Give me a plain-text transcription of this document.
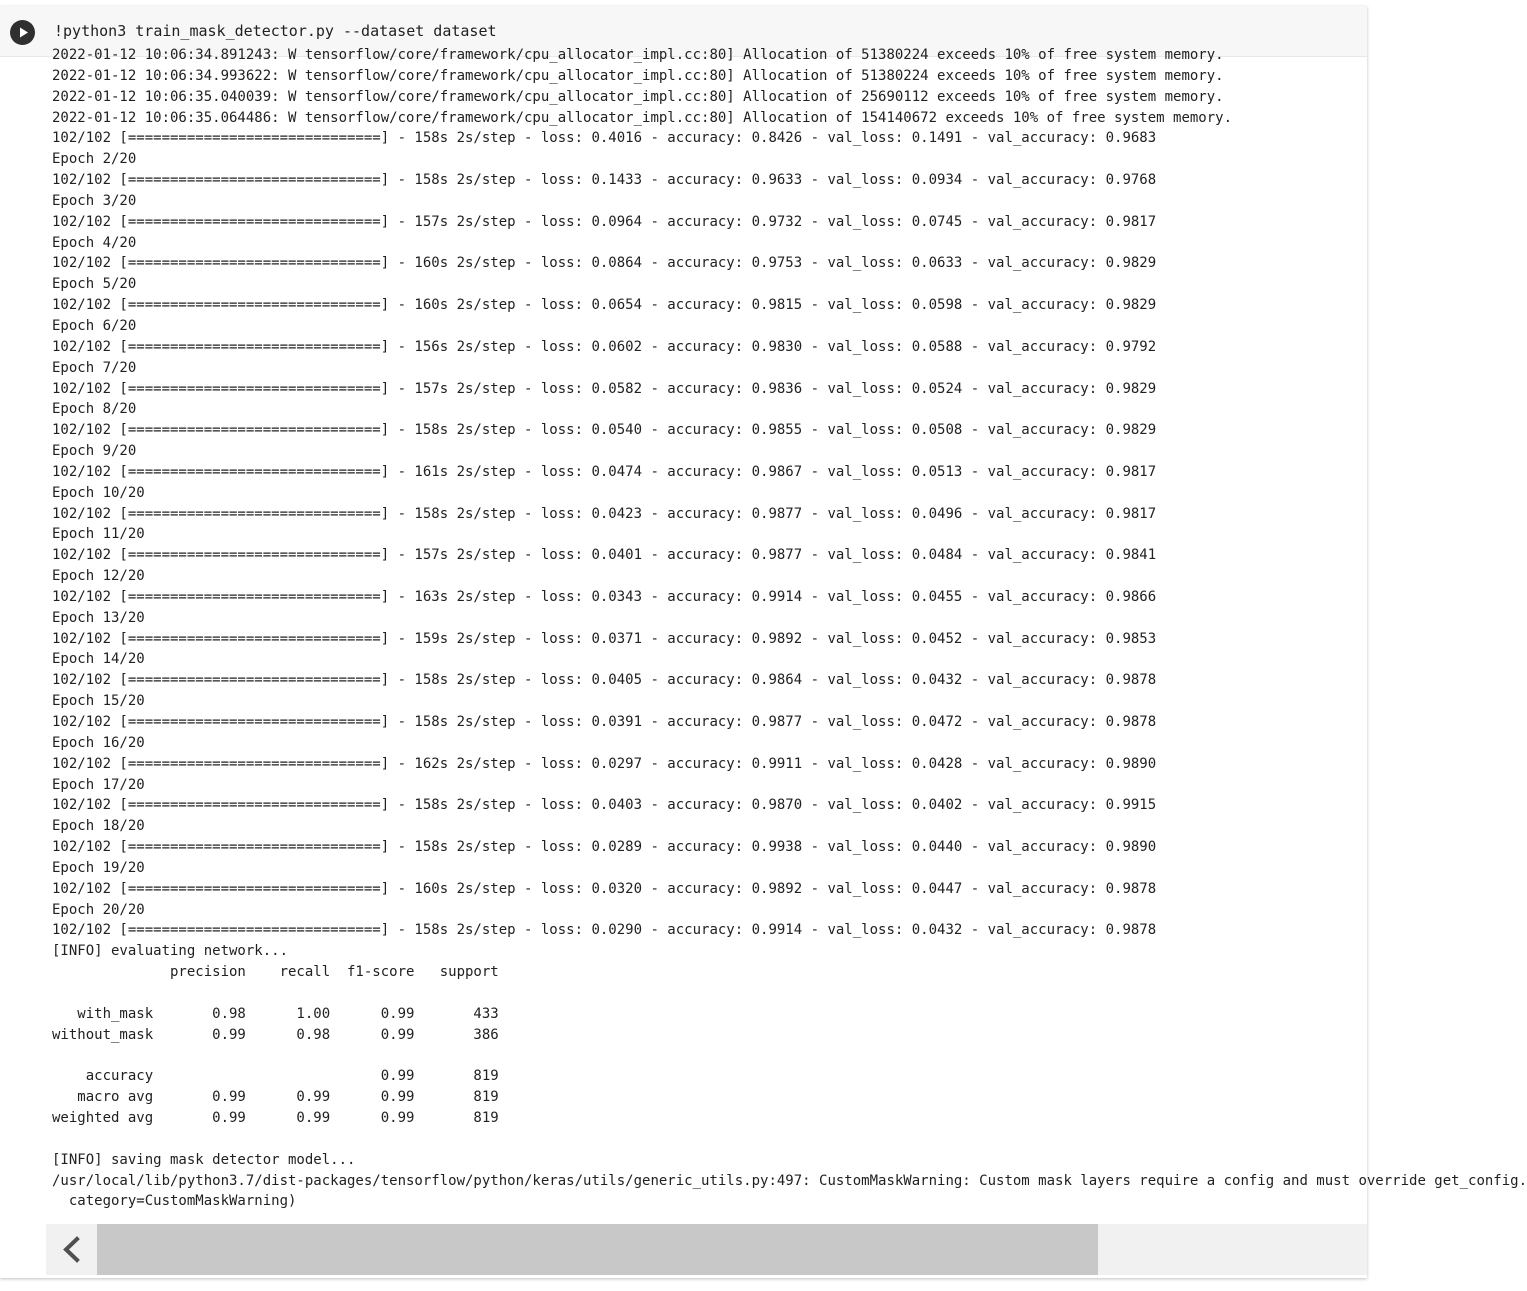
!python3 train_mask_detector.py --dataset dataset
2022-01-12 10:06:34.891243: W tensorflow/core/framework/cpu_allocator_impl.cc:80] Allocation of 51380224 exceeds 10% of free system memory.
2022-01-12 10:06:34.993622: W tensorflow/core/framework/cpu_allocator_impl.cc:80] Allocation of 51380224 exceeds 10% of free system memory.
2022-01-12 10:06:35.040039: W tensorflow/core/framework/cpu_allocator_impl.cc:80] Allocation of 25690112 exceeds 10% of free system memory.
2022-01-12 10:06:35.064486: W tensorflow/core/framework/cpu_allocator_impl.cc:80] Allocation of 154140672 exceeds 10% of free system memory.
102/102 [==============================] - 158s 2s/step - loss: 0.4016 - accuracy: 0.8426 - val_loss: 0.1491 - val_accuracy: 0.9683
Epoch 2/20
102/102 [==============================] - 158s 2s/step - loss: 0.1433 - accuracy: 0.9633 - val_loss: 0.0934 - val_accuracy: 0.9768
Epoch 3/20
102/102 [==============================] - 157s 2s/step - loss: 0.0964 - accuracy: 0.9732 - val_loss: 0.0745 - val_accuracy: 0.9817
Epoch 4/20
102/102 [==============================] - 160s 2s/step - loss: 0.0864 - accuracy: 0.9753 - val_loss: 0.0633 - val_accuracy: 0.9829
Epoch 5/20
102/102 [==============================] - 160s 2s/step - loss: 0.0654 - accuracy: 0.9815 - val_loss: 0.0598 - val_accuracy: 0.9829
Epoch 6/20
102/102 [==============================] - 156s 2s/step - loss: 0.0602 - accuracy: 0.9830 - val_loss: 0.0588 - val_accuracy: 0.9792
Epoch 7/20
102/102 [==============================] - 157s 2s/step - loss: 0.0582 - accuracy: 0.9836 - val_loss: 0.0524 - val_accuracy: 0.9829
Epoch 8/20
102/102 [==============================] - 158s 2s/step - loss: 0.0540 - accuracy: 0.9855 - val_loss: 0.0508 - val_accuracy: 0.9829
Epoch 9/20
102/102 [==============================] - 161s 2s/step - loss: 0.0474 - accuracy: 0.9867 - val_loss: 0.0513 - val_accuracy: 0.9817
Epoch 10/20
102/102 [==============================] - 158s 2s/step - loss: 0.0423 - accuracy: 0.9877 - val_loss: 0.0496 - val_accuracy: 0.9817
Epoch 11/20
102/102 [==============================] - 157s 2s/step - loss: 0.0401 - accuracy: 0.9877 - val_loss: 0.0484 - val_accuracy: 0.9841
Epoch 12/20
102/102 [==============================] - 163s 2s/step - loss: 0.0343 - accuracy: 0.9914 - val_loss: 0.0455 - val_accuracy: 0.9866
Epoch 13/20
102/102 [==============================] - 159s 2s/step - loss: 0.0371 - accuracy: 0.9892 - val_loss: 0.0452 - val_accuracy: 0.9853
Epoch 14/20
102/102 [==============================] - 158s 2s/step - loss: 0.0405 - accuracy: 0.9864 - val_loss: 0.0432 - val_accuracy: 0.9878
Epoch 15/20
102/102 [==============================] - 158s 2s/step - loss: 0.0391 - accuracy: 0.9877 - val_loss: 0.0472 - val_accuracy: 0.9878
Epoch 16/20
102/102 [==============================] - 162s 2s/step - loss: 0.0297 - accuracy: 0.9911 - val_loss: 0.0428 - val_accuracy: 0.9890
Epoch 17/20
102/102 [==============================] - 158s 2s/step - loss: 0.0403 - accuracy: 0.9870 - val_loss: 0.0402 - val_accuracy: 0.9915
Epoch 18/20
102/102 [==============================] - 158s 2s/step - loss: 0.0289 - accuracy: 0.9938 - val_loss: 0.0440 - val_accuracy: 0.9890
Epoch 19/20
102/102 [==============================] - 160s 2s/step - loss: 0.0320 - accuracy: 0.9892 - val_loss: 0.0447 - val_accuracy: 0.9878
Epoch 20/20
102/102 [==============================] - 158s 2s/step - loss: 0.0290 - accuracy: 0.9914 - val_loss: 0.0432 - val_accuracy: 0.9878
[INFO] evaluating network...
precision    recall  f1-score   support
with_mask       0.98      1.00      0.99       433
without_mask       0.99      0.98      0.99       386
accuracy                           0.99       819
macro avg       0.99      0.99      0.99       819
weighted avg       0.99      0.99      0.99       819
[INFO] saving mask detector model...
/usr/local/lib/python3.7/dist-packages/tensorflow/python/keras/utils/generic_utils.py:497: CustomMaskWarning: Custom mask layers require a config and must override get_config.
category=CustomMaskWarning)
